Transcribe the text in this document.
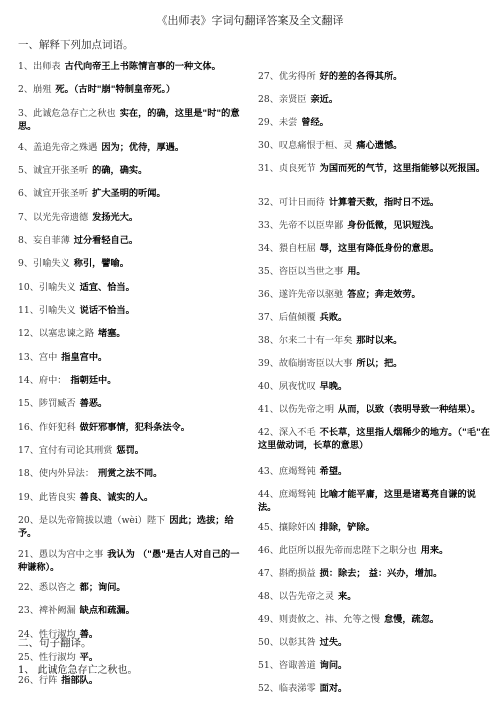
《出师表》字词句翻译答案及全文翻译
一、解释下列加点词语。

1、出师表 古代向帝王上书陈情言事的一种文体。

2、崩殂 死。（古时"崩"特制皇帝死。）

3、此诚危急存亡之秋也 实在，的确，这里是"时"的意思。

4、盖追先帝之殊遇 因为；优待，厚遇。

5、诚宜开张圣听 的确，确实。

6、诚宜开张圣听 扩大圣明的听闻。

7、以光先帝遗德 发扬光大。

8、妄自菲薄 过分看轻自己。

9、引喻失义 称引，譬喻。

10、引喻失义 适宜、恰当。

11、引喻失义 说话不恰当。

12、以塞忠谏之路 堵塞。

13、宫中 指皇宫中。

14、府中： 指朝廷中。

15、陟罚臧否 善恶。

16、作奸犯科 做奸邪事情，犯科条法令。

17、宜付有司论其刑赏 惩罚。

18、使内外异法： 刑赏之法不同。

19、此皆良实 善良、诚实的人。

20、是以先帝简拔以遗（wèi）陛下 因此；选拔；给予。

21、愚以为宫中之事 我认为 （"愚"是古人对自己的一种谦称）。

22、悉以咨之 都；询问。

23、裨补阙漏 缺点和疏漏。

24、性行淑均 善。

25、性行淑均 平。

26、行阵 指部队。

27、优劣得所 好的差的各得其所。

28、亲贤臣 亲近。

29、未尝 曾经。

30、叹息痛恨于桓、灵 痛心遗憾。

31、贞良死节 为国而死的气节，这里指能够以死报国。

32、可计日而待 计算着天数，指时日不远。

33、先帝不以臣卑鄙 身份低微，见识短浅。

34、猥自枉屈 辱，这里有降低身份的意思。

35、咨臣以当世之事 用。

36、遂许先帝以驱驰 答应；奔走效劳。

37、后值倾覆 兵败。

38、尔来二十有一年矣 那时以来。

39、故临崩寄臣以大事 所以；把。

40、夙夜忧叹 早晚。

41、以伤先帝之明 从而，以致（表明导致一种结果）。

42、深入不毛 不长草，这里指人烟稀少的地方。（"毛"在这里做动词，长草的意思）

43、庶竭驽钝 希望。

44、庶竭驽钝 比喻才能平庸，这里是诸葛亮自谦的说法。

45、攘除奸凶 排除，铲除。

46、此臣所以报先帝而忠陛下之职分也 用来。

47、斟酌损益 损：除去； 益：兴办，增加。

48、以告先帝之灵 来。

49、则责攸之、祎、允等之慢 怠慢，疏忽。

50、以彰其咎 过失。

51、咨诹善道 询问。

52、临表涕零 面对。

二、句子翻译。
1、 此诚危急存亡之秋也。
